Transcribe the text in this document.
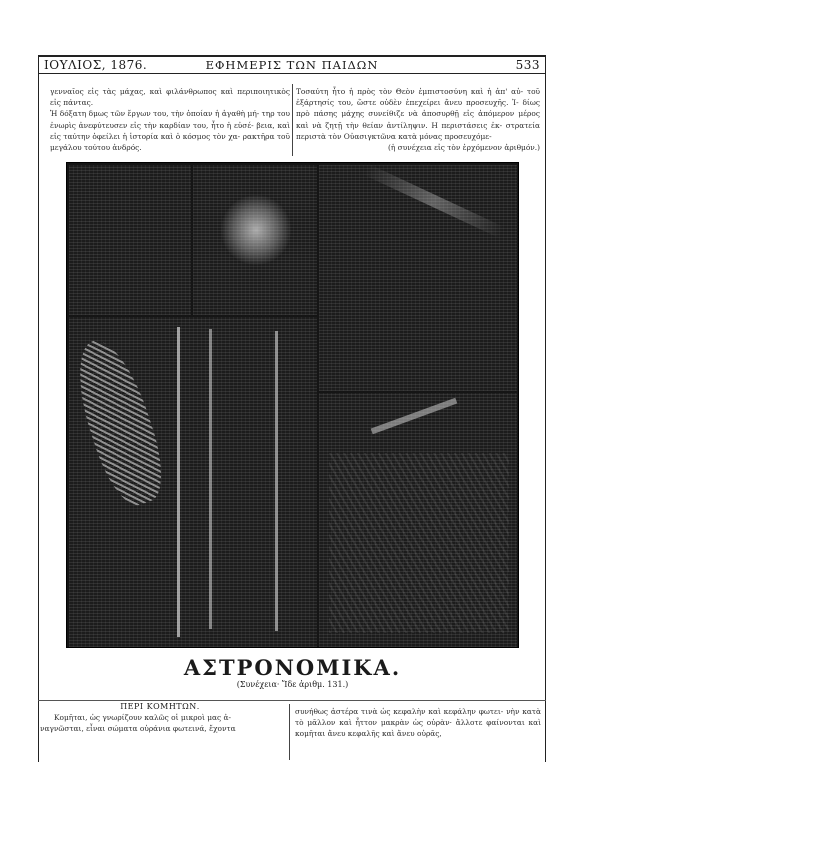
ΙΟΥΛΙΟΣ, 1876.	ΕΦΗΜΕΡΙΣ ΤΩΝ ΠΑΙΔΩΝ	533
γενναῖος εἰς τὰς μάχας, καὶ φιλάνθρωπος καὶ περιποιητικὸς εἰς πάντας.
Ἡ δόξατη δμως τῶν ἔργων του, τὴν ὁποίαν ἡ ἀγαθὴ μή- τηρ του ἐνωρὶς ἀνεφύτευσεν εἰς τὴν καρδίαν του, ἦτο ἡ εὐσέ- βεια, καὶ εἰς ταύτην ὀφείλει ἡ ἱστορία καὶ ὁ κόσμος τὸν χα- ρακτῆρα τοῦ μεγάλου τούτου ἀνδρός.
Τοσαύτη ἦτο ἡ πρὸς τὸν Θεὸν ἐμπιστοσύνη καὶ ἡ ἀπ' αὐ- τοῦ ἐξάρτησίς του, ὥστε οὐδὲν ἐπεχείρει ἄνευ προσευχῆς. Ἰ- δίως πρὸ πάσης μάχης συνείθιζε νὰ ἀποσυρθῇ εἰς ἀπόμερον μέρος καὶ νὰ ζητῇ τὴν θείαν ἀντίληψιν. Η περιστάσεις ἐκ- στρατεία περιστὰ τὸν Οὐασιγκτῶνα κατὰ μόνας προσευχόμε-
(ἡ συνέχεια εἰς τὸν ἐρχόμενον ἀριθμόν.)
ΑΣΤΡΟΝΟΜΙΚΑ.
(Συνέχεια· Ἴδε ἀριθμ. 131.)
ΠΕΡΙ ΚΟΜΗΤΩΝ.
Κομῆται, ὡς γνωρίζουν καλῶς οἱ μικροὶ μας ἀ-
ναγνῶσται, εἶναι σώματα οὐράνια φωτεινά, ἔχοντα
συνήθως ἀστέρα τινὰ ὡς κεφαλὴν καὶ κεφάλην φωτει- νὴν κατὰ τὸ μᾶλλον καὶ ἧττον μακρὰν ὡς οὐρὰν· ἄλλοτε φαίνονται καὶ κομῆται ἄνευ κεφαλῆς καὶ ἄνευ οὐρᾶς,
